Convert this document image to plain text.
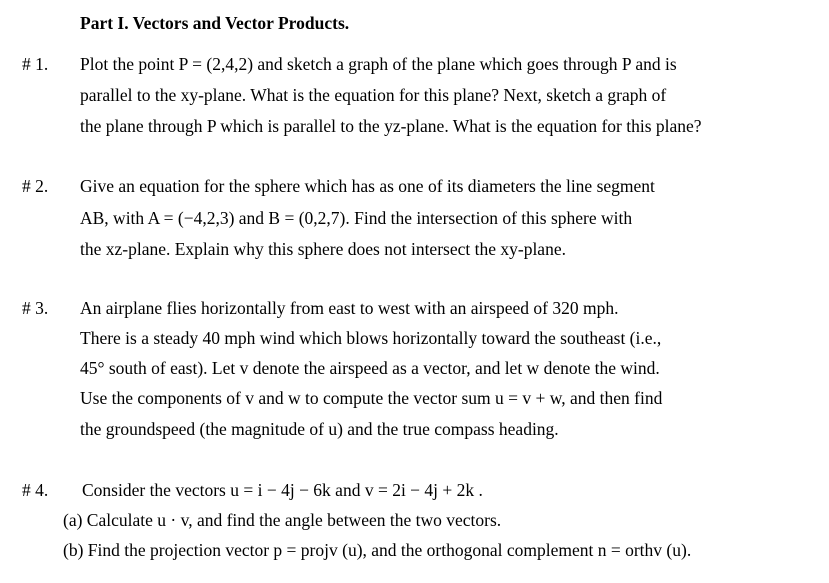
Part I. Vectors and Vector Products.
# 1. Plot the point P = (2,4,2) and sketch a graph of the plane which goes through P and is
parallel to the xy-plane. What is the equation for this plane? Next, sketch a graph of
the plane through P which is parallel to the yz-plane. What is the equation for this plane?
# 2. Give an equation for the sphere which has as one of its diameters the line segment
AB, with A = (−4,2,3) and B = (0,2,7). Find the intersection of this sphere with
the xz-plane. Explain why this sphere does not intersect the xy-plane.
# 3. An airplane flies horizontally from east to west with an airspeed of 320 mph.
There is a steady 40 mph wind which blows horizontally toward the southeast (i.e.,
45° south of east). Let v denote the airspeed as a vector, and let w denote the wind.
Use the components of v and w to compute the vector sum u = v + w, and then find
the groundspeed (the magnitude of u) and the true compass heading.
# 4. Consider the vectors u = i − 4j − 6k and v = 2i − 4j + 2k .
(a) Calculate u · v, and find the angle between the two vectors.
(b) Find the projection vector p = projv (u), and the orthogonal complement n = orthv (u).
